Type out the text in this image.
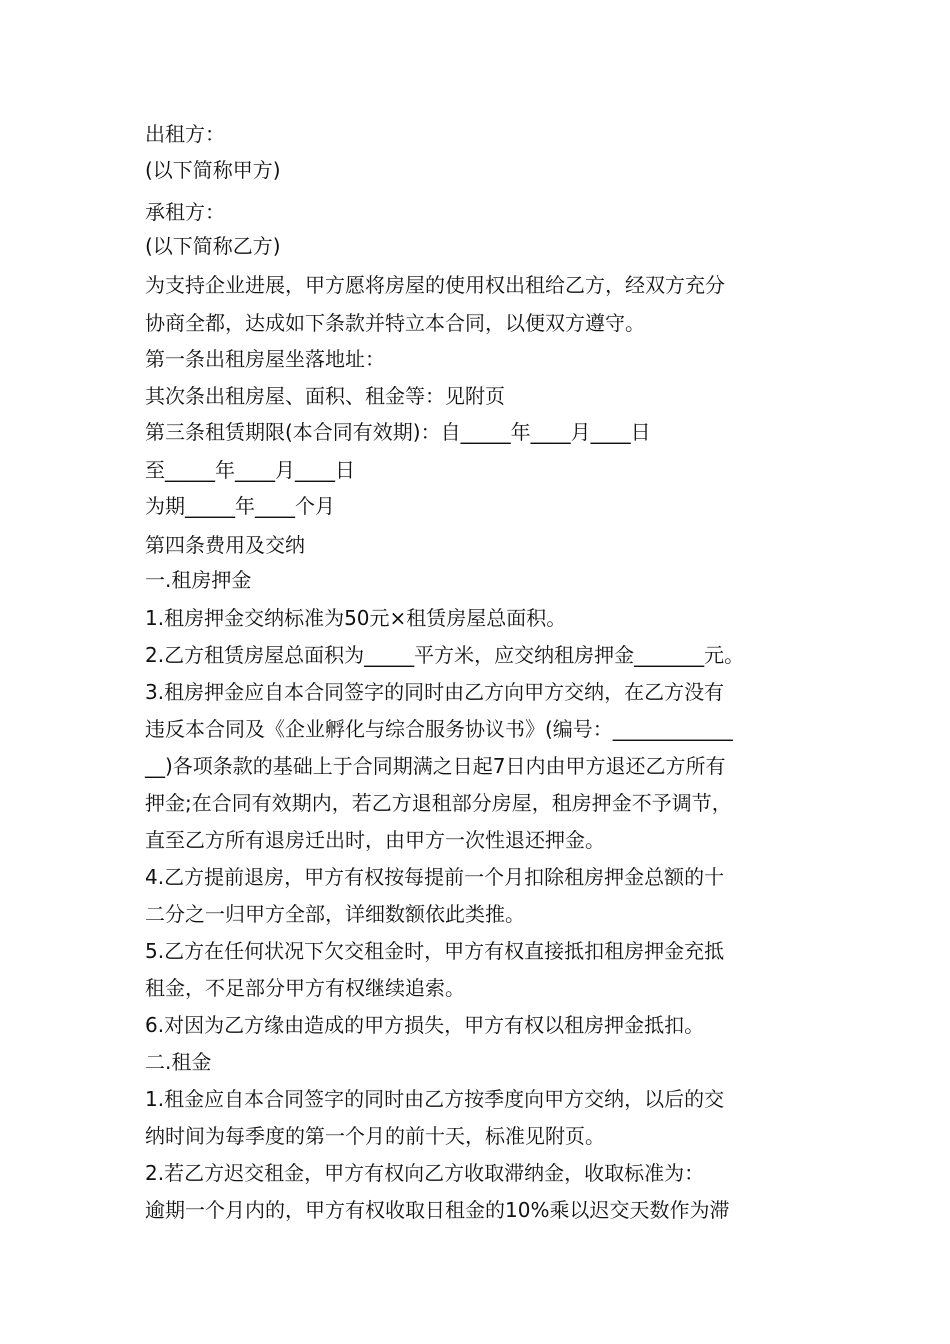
出租方：
(以下简称甲方)
承租方：
(以下简称乙方)
为支持企业进展，甲方愿将房屋的使用权出租给乙方，经双方充分
协商全都，达成如下条款并特立本合同，以便双方遵守。
第一条出租房屋坐落地址：
其次条出租房屋、面积、租金等：见附页
第三条租赁期限(本合同有效期)：自_____年____月____日
至_____年____月____日
为期_____年____个月
第四条费用及交纳
一.租房押金
1.租房押金交纳标准为50元×租赁房屋总面积。
2.乙方租赁房屋总面积为_____平方米，应交纳租房押金_______元。
3.租房押金应自本合同签字的同时由乙方向甲方交纳，在乙方没有
违反本合同及《企业孵化与综合服务协议书》(编号：____________
__)各项条款的基础上于合同期满之日起7日内由甲方退还乙方所有
押金;在合同有效期内，若乙方退租部分房屋，租房押金不予调节，
直至乙方所有退房迁出时，由甲方一次性退还押金。
4.乙方提前退房，甲方有权按每提前一个月扣除租房押金总额的十
二分之一归甲方全部，详细数额依此类推。
5.乙方在任何状况下欠交租金时，甲方有权直接抵扣租房押金充抵
租金，不足部分甲方有权继续追索。
6.对因为乙方缘由造成的甲方损失，甲方有权以租房押金抵扣。
二.租金
1.租金应自本合同签字的同时由乙方按季度向甲方交纳，以后的交
纳时间为每季度的第一个月的前十天，标准见附页。
2.若乙方迟交租金，甲方有权向乙方收取滞纳金，收取标准为：
逾期一个月内的，甲方有权收取日租金的10%乘以迟交天数作为滞
